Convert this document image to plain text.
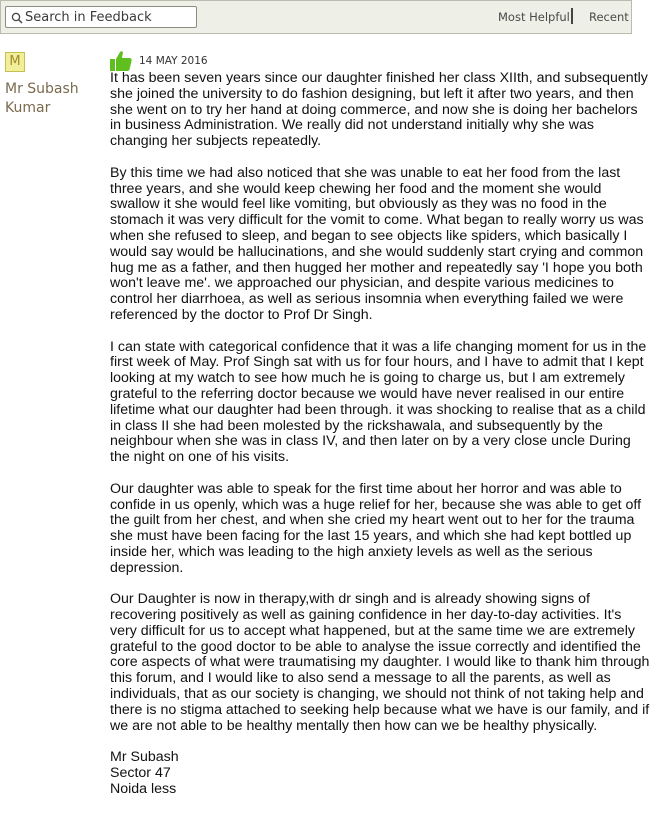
Search in Feedback
Most Helpful Recent
M
Mr Subash Kumar
14 MAY 2016

It has been seven years since our daughter finished her class XIIth, and subsequently she joined the university to do fashion designing, but left it after two years, and then she went on to try her hand at doing commerce, and now she is doing her bachelors in business Administration. We really did not understand initially why she was changing her subjects repeatedly.

By this time we had also noticed that she was unable to eat her food from the last three years, and she would keep chewing her food and the moment she would swallow it she would feel like vomiting, but obviously as they was no food in the stomach it was very difficult for the vomit to come. What began to really worry us was when she refused to sleep, and began to see objects like spiders, which basically I would say would be hallucinations, and she would suddenly start crying and common hug me as a father, and then hugged her mother and repeatedly say 'I hope you both won't leave me'. we approached our physician, and despite various medicines to control her diarrhoea, as well as serious insomnia when everything failed we were referenced by the doctor to Prof Dr Singh.

I can state with categorical confidence that it was a life changing moment for us in the first week of May. Prof Singh sat with us for four hours, and I have to admit that I kept looking at my watch to see how much he is going to charge us, but I am extremely grateful to the referring doctor because we would have never realised in our entire lifetime what our daughter had been through. it was shocking to realise that as a child in class II she had been molested by the rickshawala, and subsequently by the neighbour when she was in class IV, and then later on by a very close uncle During the night on one of his visits.

Our daughter was able to speak for the first time about her horror and was able to confide in us openly, which was a huge relief for her, because she was able to get off the guilt from her chest, and when she cried my heart went out to her for the trauma she must have been facing for the last 15 years, and which she had kept bottled up inside her, which was leading to the high anxiety levels as well as the serious depression.

Our Daughter is now in therapy,with dr singh and is already showing signs of recovering positively as well as gaining confidence in her day-to-day activities. It's very difficult for us to accept what happened, but at the same time we are extremely grateful to the good doctor to be able to analyse the issue correctly and identified the core aspects of what were traumatising my daughter. I would like to thank him through this forum, and I would like to also send a message to all the parents, as well as individuals, that as our society is changing, we should not think of not taking help and there is no stigma attached to seeking help because what we have is our family, and if we are not able to be healthy mentally then how can we be healthy physically.

Mr Subash

Sector 47

Noida less
